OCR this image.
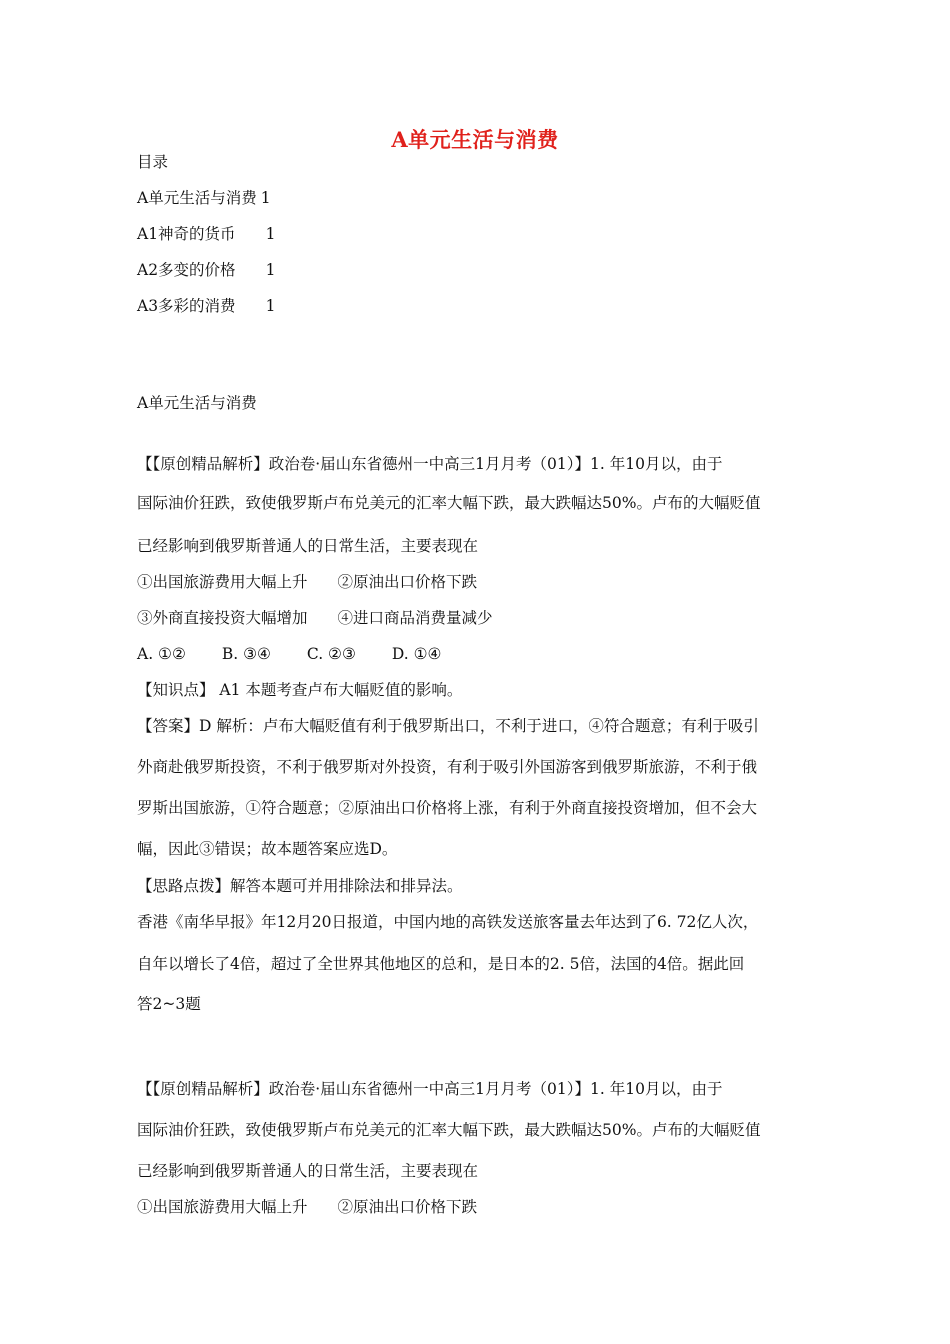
A单元生活与消费
目录
A单元生活与消费 1
A1神奇的货币 1
A2多变的价格 1
A3多彩的消费 1
A单元生活与消费
【【原创精品解析】政治卷·届山东省德州一中高三1月月考（01）】1. 年10月以，由于
国际油价狂跌，致使俄罗斯卢布兑美元的汇率大幅下跌，最大跌幅达50%。卢布的大幅贬值
已经影响到俄罗斯普通人的日常生活，主要表现在
①出国旅游费用大幅上升 ②原油出口价格下跌
③外商直接投资大幅增加 ④进口商品消费量减少
A. ①② B. ③④ C. ②③ D. ①④
【知识点】 A1 本题考查卢布大幅贬值的影响。
【答案】D 解析：卢布大幅贬值有利于俄罗斯出口，不利于进口，④符合题意；有利于吸引
外商赴俄罗斯投资，不利于俄罗斯对外投资，有利于吸引外国游客到俄罗斯旅游，不利于俄
罗斯出国旅游，①符合题意；②原油出口价格将上涨，有利于外商直接投资增加，但不会大
幅，因此③错误；故本题答案应选D。
【思路点拨】解答本题可并用排除法和排异法。
香港《南华早报》年12月20日报道，中国内地的高铁发送旅客量去年达到了6. 72亿人次，
自年以增长了4倍，超过了全世界其他地区的总和，是日本的2. 5倍，法国的4倍。据此回
答2~3题
【【原创精品解析】政治卷·届山东省德州一中高三1月月考（01）】1. 年10月以，由于
国际油价狂跌，致使俄罗斯卢布兑美元的汇率大幅下跌，最大跌幅达50%。卢布的大幅贬值
已经影响到俄罗斯普通人的日常生活，主要表现在
①出国旅游费用大幅上升 ②原油出口价格下跌
